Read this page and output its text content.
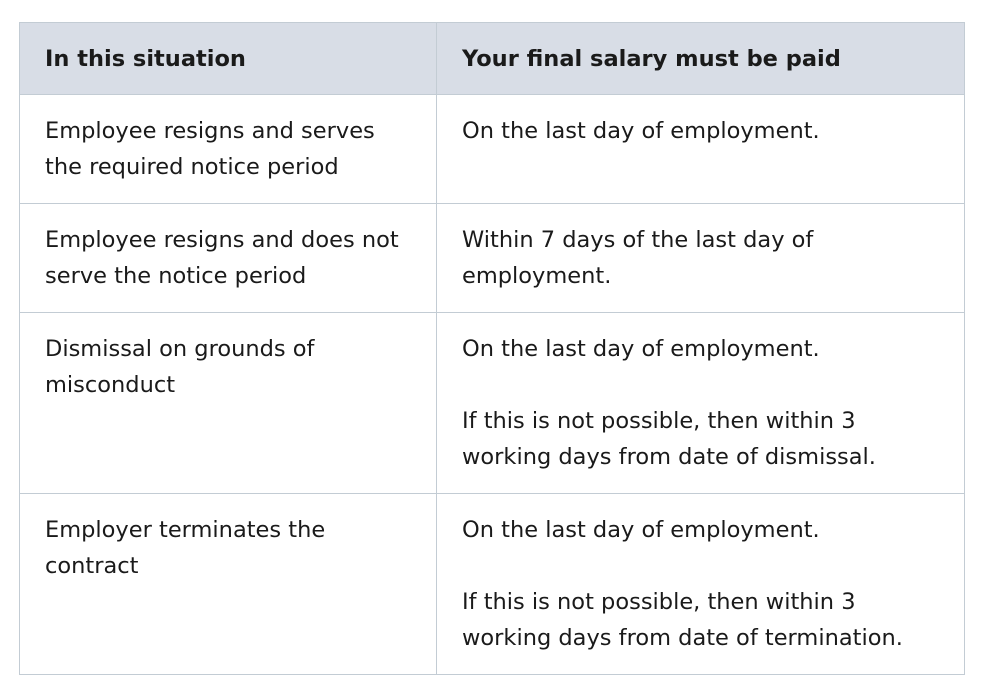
In this situation	Your final salary must be paid
Employee resigns and serves the required notice period	On the last day of employment.

Employee resigns and does not serve the notice period	Within 7 days of the last day of employment.

Dismissal on grounds of misconduct	On the last day of employment.

If this is not possible, then within 3 working days from date of dismissal.

Employer terminates the contract	On the last day of employment.

If this is not possible, then within 3 working days from date of termination.
